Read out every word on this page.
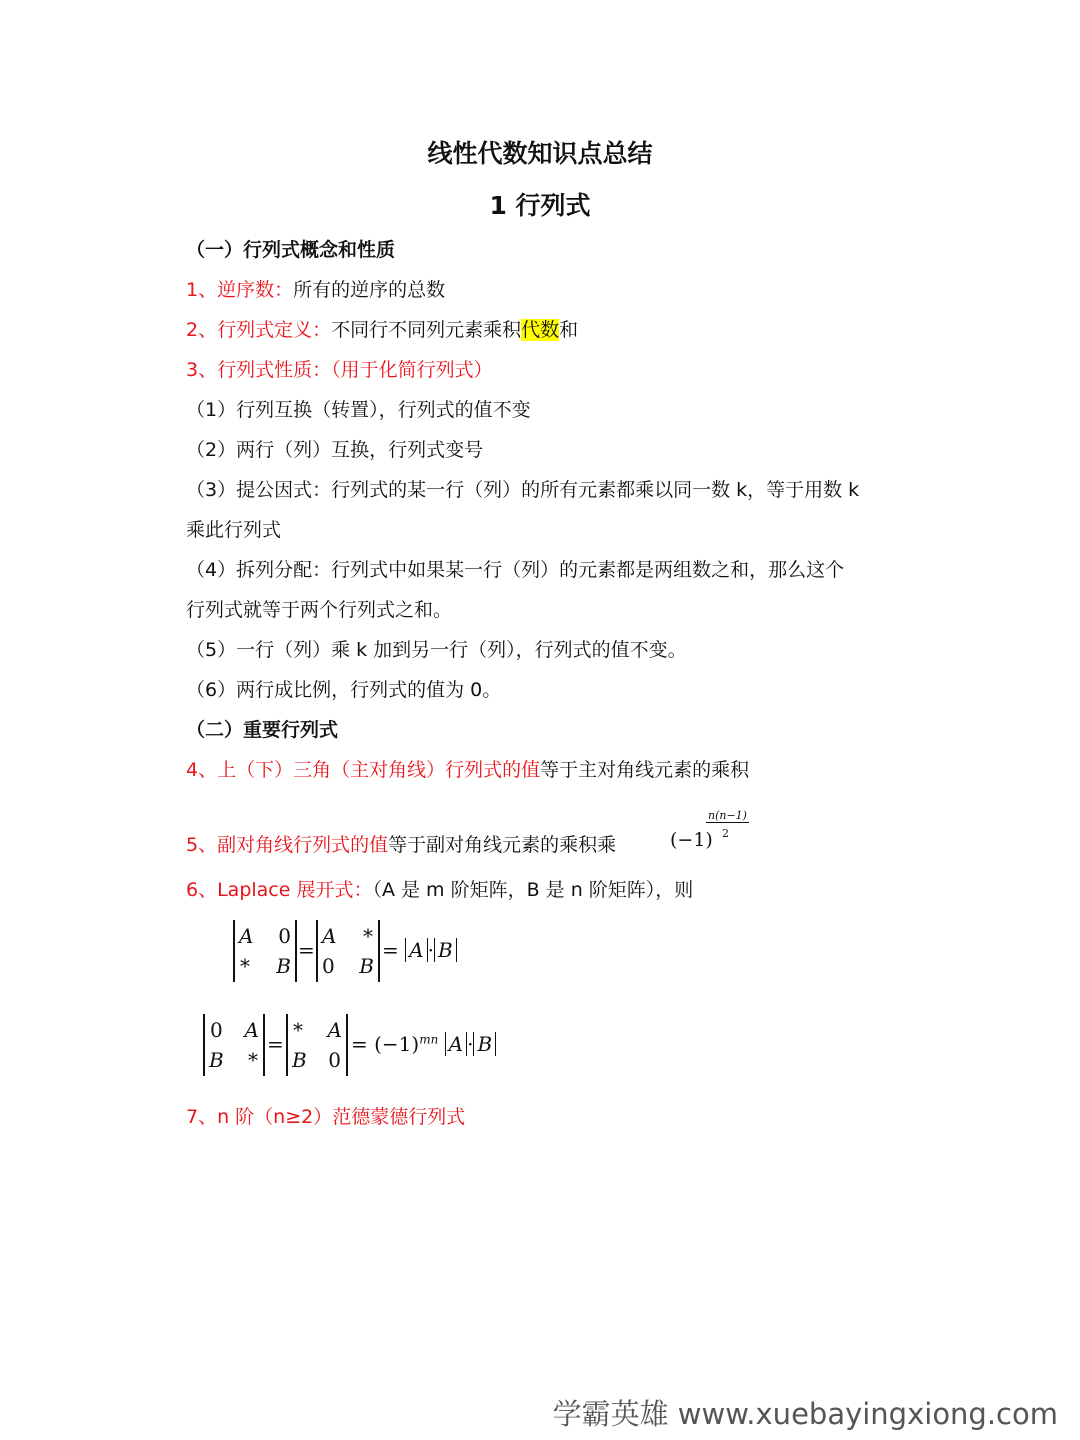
线性代数知识点总结
1 行列式
（一）行列式概念和性质
1、逆序数：所有的逆序的总数
2、行列式定义：不同行不同列元素乘积代数和
3、行列式性质：（用于化简行列式）
（1）行列互换（转置），行列式的值不变
（2）两行（列）互换，行列式变号
（3）提公因式：行列式的某一行（列）的所有元素都乘以同一数 k，等于用数 k
乘此行列式
（4）拆列分配：行列式中如果某一行（列）的元素都是两组数之和，那么这个
行列式就等于两个行列式之和。
（5）一行（列）乘 k 加到另一行（列），行列式的值不变。
（6）两行成比例，行列式的值为 0。
（二）重要行列式
4、上（下）三角（主对角线）行列式的值等于主对角线元素的乘积
5、副对角线行列式的值等于副对角线元素的乘积乘	(−1)
n(n−1)
2
6、Laplace 展开式：（A 是 m 阶矩阵，B 是 n 阶矩阵），则
A 0
* B
=
A *
0 B
= A · B
0 A
B *
=
* A
B 0
= $(-1)^{mn}$ A · B
7、n 阶（n≥2）范德蒙德行列式
学霸英雄 www.xuebayingxiong.com
